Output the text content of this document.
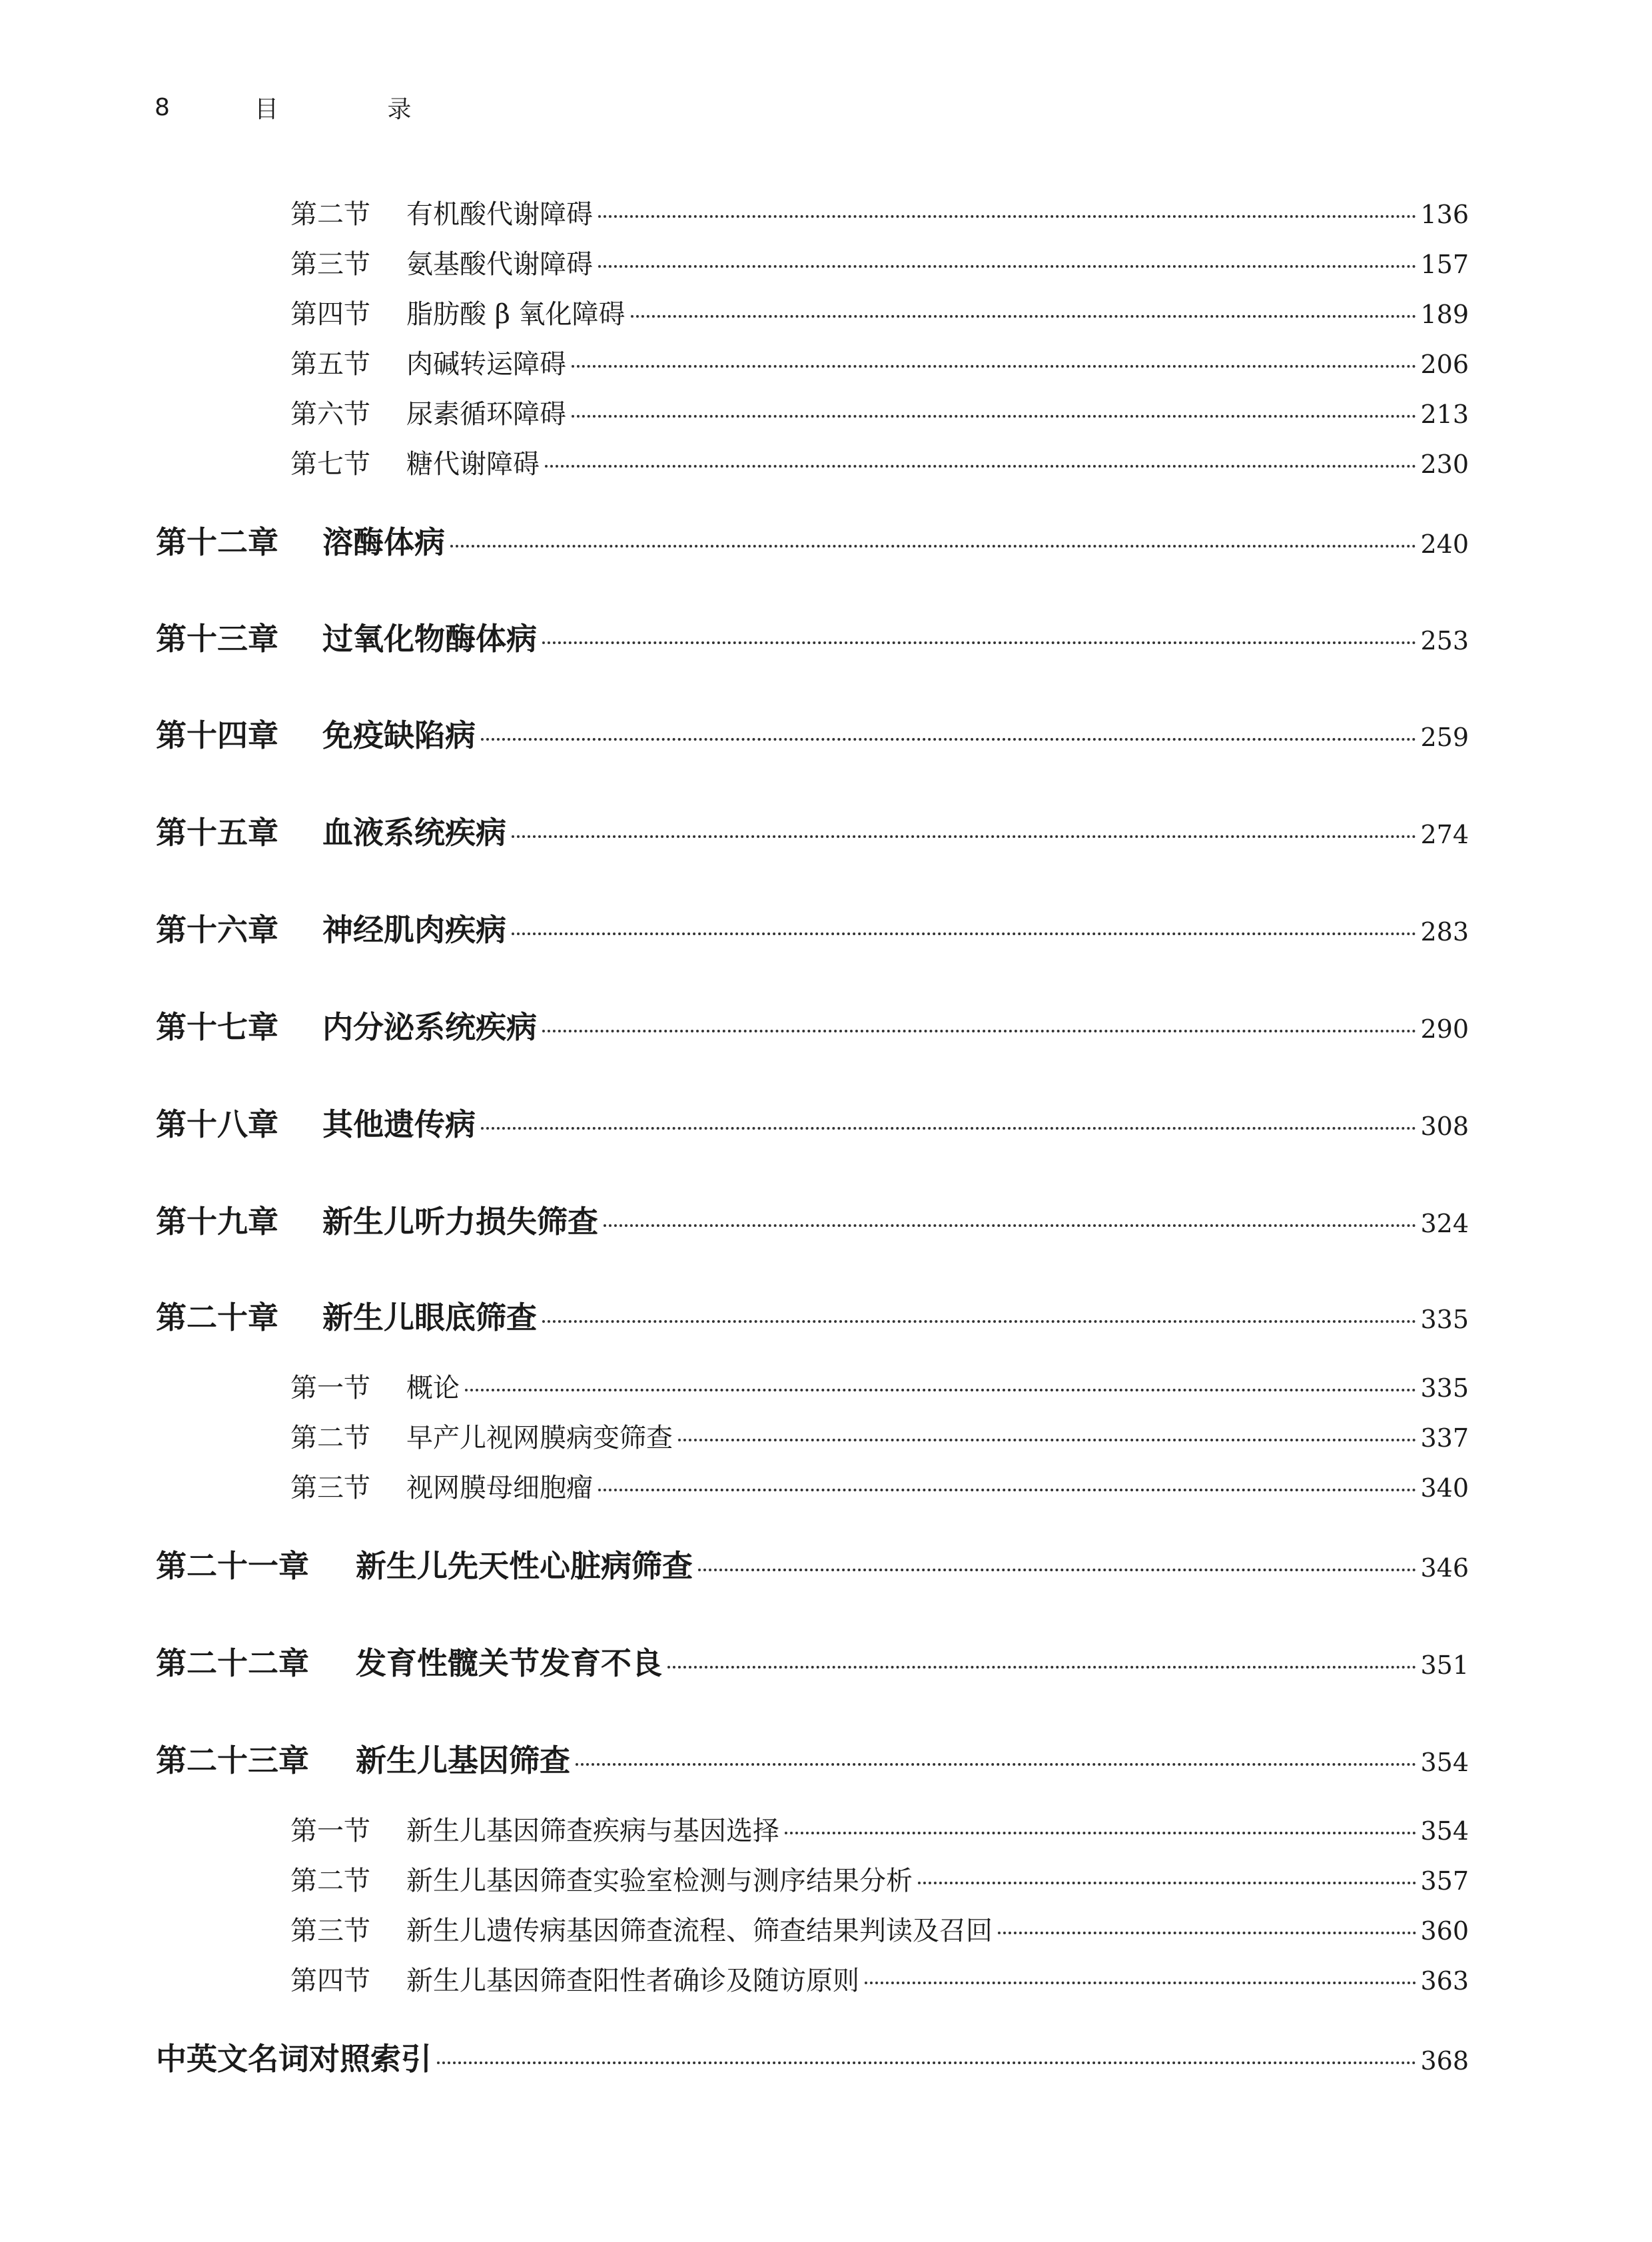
8	目 录
第二节	有机酸代谢障碍	136
第三节	氨基酸代谢障碍	157
第四节	脂肪酸 β 氧化障碍	189
第五节	肉碱转运障碍	206
第六节	尿素循环障碍	213
第七节	糖代谢障碍	230
第十二章	溶酶体病	240
第十三章	过氧化物酶体病	253
第十四章	免疫缺陷病	259
第十五章	血液系统疾病	274
第十六章	神经肌肉疾病	283
第十七章	内分泌系统疾病	290
第十八章	其他遗传病	308
第十九章	新生儿听力损失筛查	324
第二十章	新生儿眼底筛查	335
第一节	概论	335
第二节	早产儿视网膜病变筛查	337
第三节	视网膜母细胞瘤	340
第二十一章	新生儿先天性心脏病筛查	346
第二十二章	发育性髋关节发育不良	351
第二十三章	新生儿基因筛查	354
第一节	新生儿基因筛查疾病与基因选择	354
第二节	新生儿基因筛查实验室检测与测序结果分析	357
第三节	新生儿遗传病基因筛查流程、筛查结果判读及召回	360
第四节	新生儿基因筛查阳性者确诊及随访原则	363
中英文名词对照索引	368
